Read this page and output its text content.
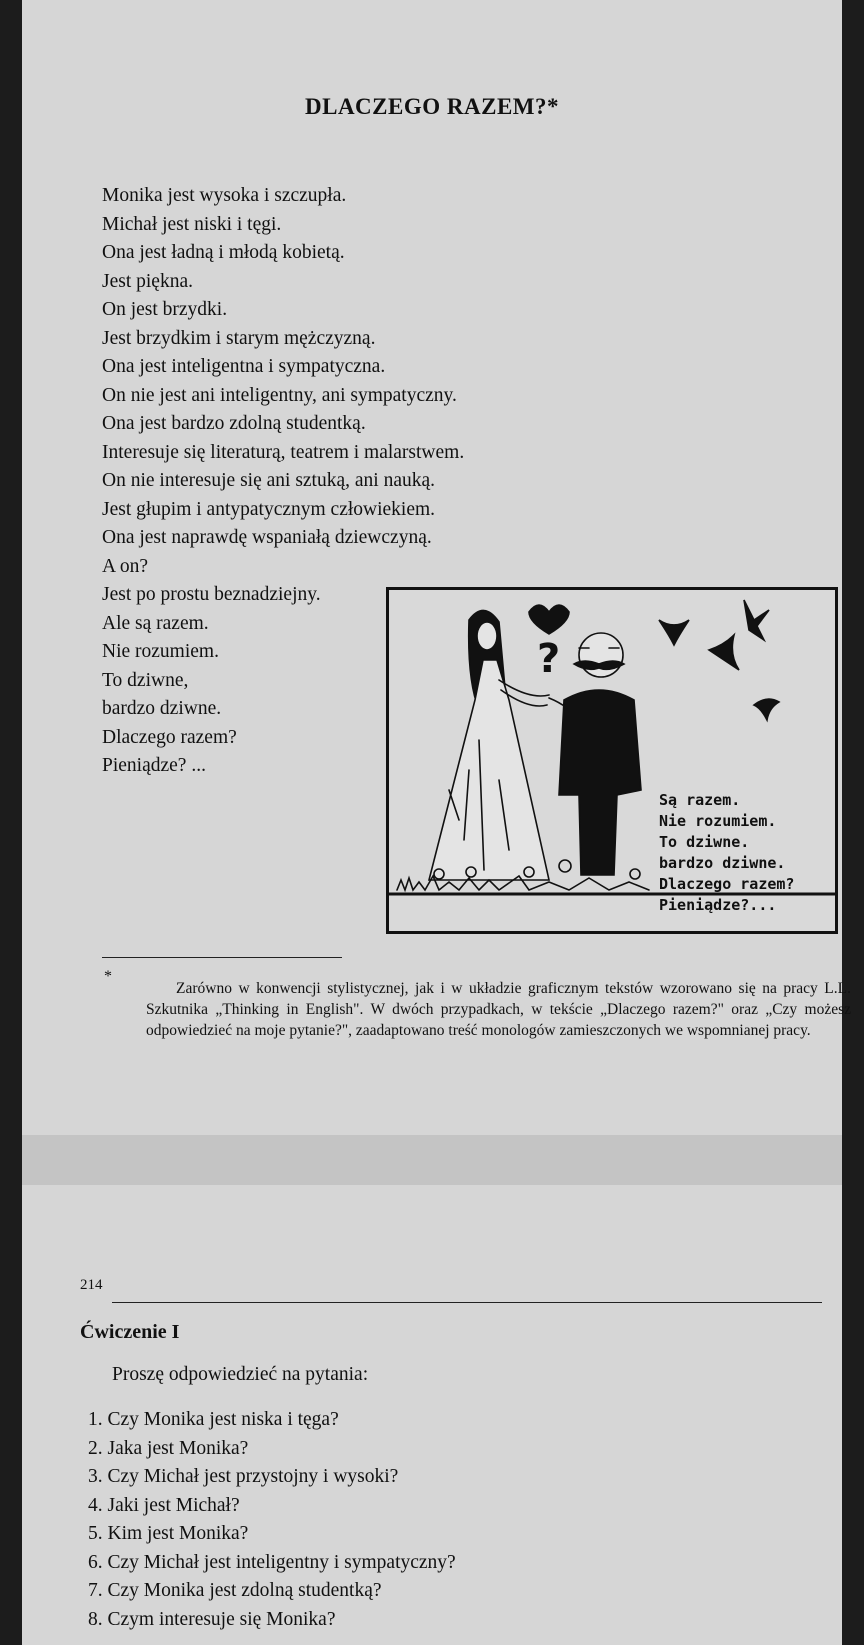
DLACZEGO RAZEM?*
Monika jest wysoka i szczupła.
Michał jest niski i tęgi.
Ona jest ładną i młodą kobietą.
Jest piękna.
On jest brzydki.
Jest brzydkim i starym mężczyzną.
Ona jest inteligentna i sympatyczna.
On nie jest ani inteligentny, ani sympatyczny.
Ona jest bardzo zdolną studentką.
Interesuje się literaturą, teatrem i malarstwem.
On nie interesuje się ani sztuką, ani nauką.
Jest głupim i antypatycznym człowiekiem.
Ona jest naprawdę wspaniałą dziewczyną.
A on?
Jest po prostu beznadziejny.
Ale są razem.
Nie rozumiem.
To dziwne,
bardzo dziwne.
Dlaczego razem?
Pieniądze? ...
?
Są razem.
Nie rozumiem.
To dziwne.
bardzo dziwne.
Dlaczego razem?
Pieniądze?...
*
Zarówno w konwencji stylistycznej, jak i w układzie graficznym tekstów wzorowano się na pracy L.L. Szkutnika „Thinking in English". W dwóch przypadkach, w tekście „Dlaczego razem?" oraz „Czy możesz odpowiedzieć na moje pytanie?", zaadaptowano treść monologów zamieszczonych we wspomnianej pracy.
214
Ćwiczenie I
Proszę odpowiedzieć na pytania:
1. Czy Monika jest niska i tęga?
2. Jaka jest Monika?
3. Czy Michał jest przystojny i wysoki?
4. Jaki jest Michał?
5. Kim jest Monika?
6. Czy Michał jest inteligentny i sympatyczny?
7. Czy Monika jest zdolną studentką?
8. Czym interesuje się Monika?
